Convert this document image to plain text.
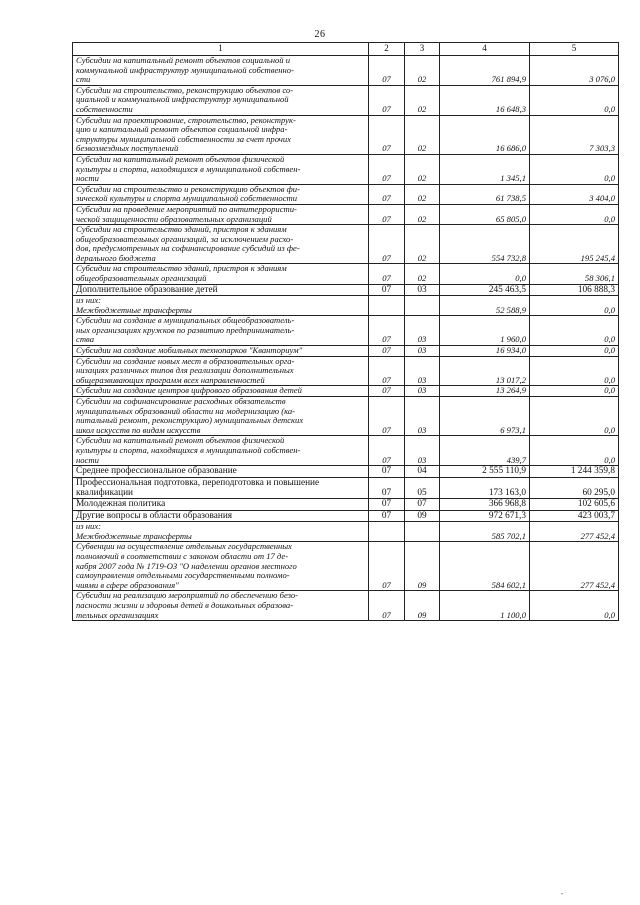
26
1	2	3	4	5

Субсидии на капитальный ремонт объектов социальной и
коммунальной инфраструктур муниципальной собственно-
сти	07	02	761 894,9	3 076,0

Субсидии на строительство, реконструкцию объектов со-
циальной и коммунальной инфраструктур муниципальной
собственности	07	02	16 648,3	0,0

Субсидии на проектирование, строительство, реконструк-
цию и капитальный ремонт объектов социальной инфра-
структуры муниципальной собственности за счет прочих
безвозмездных поступлений	07	02	16 686,0	7 303,3

Субсидии на капитальный ремонт объектов физической
культуры и спорта, находящихся в муниципальной собствен-
ности	07	02	1 345,1	0,0

Субсидии на строительство и реконструкцию объектов фи-
зической культуры и спорта муниципальной собственности	07	02	61 738,5	3 404,0

Субсидии на проведение мероприятий по антитеррористи-
ческой защищенности образовательных организаций	07	02	65 805,0	0,0

Субсидии на строительство зданий, пристроя к зданиям
общеобразовательных организаций, за исключением расхо-
дов, предусмотренных на софинансирование субсидий из фе-
дерального бюджета	07	02	554 732,8	195 245,4

Субсидии на строительство зданий, пристроя к зданиям
общеобразовательных организаций	07	02	0,0	58 306,1

Дополнительное образование детей	07	03	245 463,5	106 888,3

из них:
Межбюджетные трансферты			52 588,9	0,0

Субсидии на создание в муниципальных общеобразователь-
ных организациях кружков по развитию предприниматель-
ства	07	03	1 960,0	0,0

Субсидии на создание мобильных технопарков "Кванториум"	07	03	16 934,0	0,0

Субсидии на создание новых мест в образовательных орга-
низациях различных типов для реализации дополнительных
общеразвивающих программ всех направленностей	07	03	13 017,2	0,0

Субсидии на создание центров цифрового образования детей	07	03	13 264,9	0,0

Субсидии на софинансирование расходных обязательств
муниципальных образований области на модернизацию (ка-
питальный ремонт, реконструкцию) муниципальных детских
школ искусств по видам искусств	07	03	6 973,1	0,0

Субсидии на капитальный ремонт объектов физической
культуры и спорта, находящихся в муниципальной собствен-
ности	07	03	439,7	0,0

Среднее профессиональное образование	07	04	2 555 110,9	1 244 359,8

Профессиональная подготовка, переподготовка и повышение
квалификации	07	05	173 163,0	60 295,0

Молодежная политика	07	07	366 968,8	102 605,6

Другие вопросы в области образования	07	09	972 671,3	423 003,7

из них:
Межбюджетные трансферты			585 702,1	277 452,4

Субвенции на осуществление отдельных государственных
полномочий в соответствии с законом области от 17 де-
кабря 2007 года № 1719-ОЗ "О наделении органов местного
самоуправления отдельными государственными полномо-
чиями в сфере образования"	07	09	584 602,1	277 452,4

Субсидии на реализацию мероприятий по обеспечению безо-
пасности жизни и здоровья детей в дошкольных образова-
тельных организациях	07	09	1 100,0	0,0
• ˙
